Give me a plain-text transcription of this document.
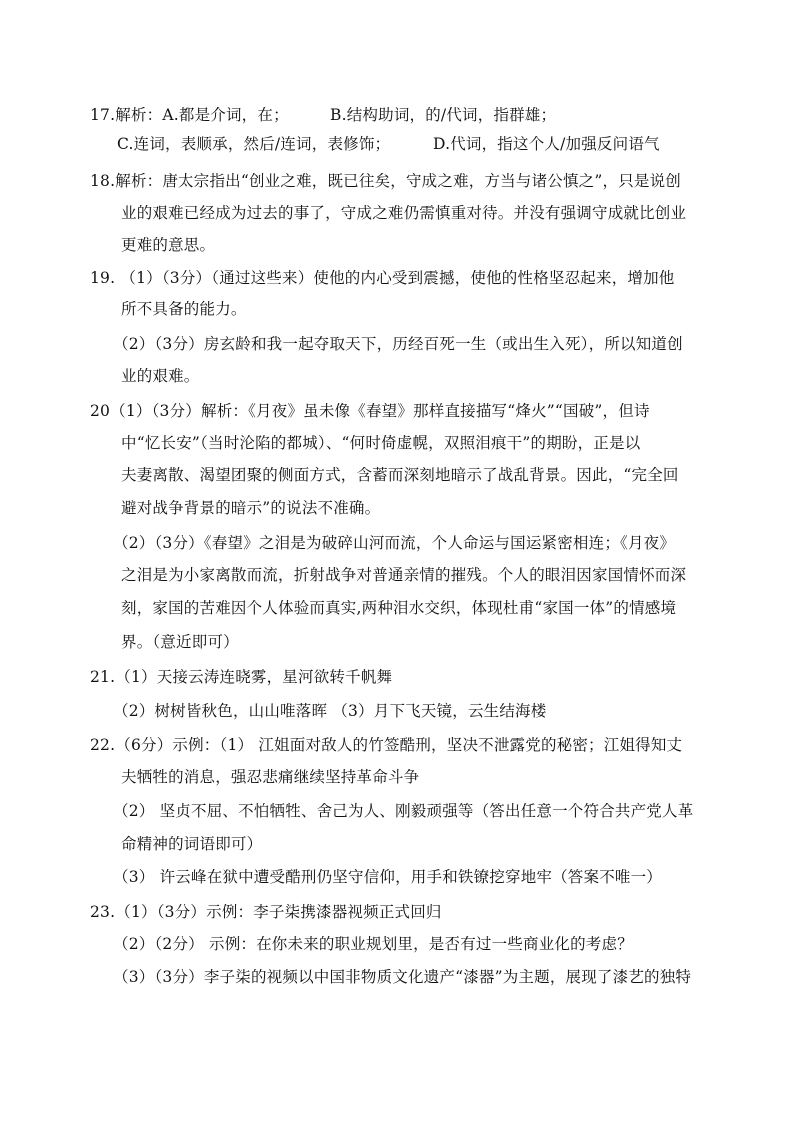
17.解析：A.都是介词，在；	B.结构助词，的/代词，指群雄；
C.连词，表顺承，然后/连词，表修饰；	D.代词，指这个人/加强反问语气
18.解析：唐太宗指出“创业之难，既已往矣，守成之难，方当与诸公慎之”，只是说创
业的艰难已经成为过去的事了，守成之难仍需慎重对待。并没有强调守成就比创业
更难的意思。
19. （1）（3分）（通过这些来）使他的内心受到震撼，使他的性格坚忍起来，增加他
所不具备的能力。
（2）（3分）房玄龄和我一起夺取天下，历经百死一生（或出生入死），所以知道创
业的艰难。
20（1）（3分）解析：《月夜》虽未像《春望》那样直接描写“烽火”“国破”，但诗
中“忆长安”（当时沦陷的都城）、“何时倚虚幌，双照泪痕干”的期盼，正是以
夫妻离散、渴望团聚的侧面方式，含蓄而深刻地暗示了战乱背景。因此，“完全回
避对战争背景的暗示”的说法不准确。
（2）（3分）《春望》之泪是为破碎山河而流，个人命运与国运紧密相连；《月夜》
之泪是为小家离散而流，折射战争对普通亲情的摧残。个人的眼泪因家国情怀而深
刻，家国的苦难因个人体验而真实,两种泪水交织，体现杜甫“家国一体”的情感境
界。（意近即可）
21.（1）天接云涛连晓雾，星河欲转千帆舞
（2）树树皆秋色，山山唯落晖 （3）月下飞天镜，云生结海楼
22.（6分）示例：（1） 江姐面对敌人的竹签酷刑，坚决不泄露党的秘密；江姐得知丈
夫牺牲的消息，强忍悲痛继续坚持革命斗争
（2） 坚贞不屈、不怕牺牲、舍己为人、刚毅顽强等（答出任意一个符合共产党人革
命精神的词语即可）
（3） 许云峰在狱中遭受酷刑仍坚守信仰，用手和铁镣挖穿地牢（答案不唯一）
23.（1）（3分）示例：李子柒携漆器视频正式回归
（2）（2分） 示例：在你未来的职业规划里，是否有过一些商业化的考虑？
（3）（3分）李子柒的视频以中国非物质文化遗产“漆器”为主题，展现了漆艺的独特
